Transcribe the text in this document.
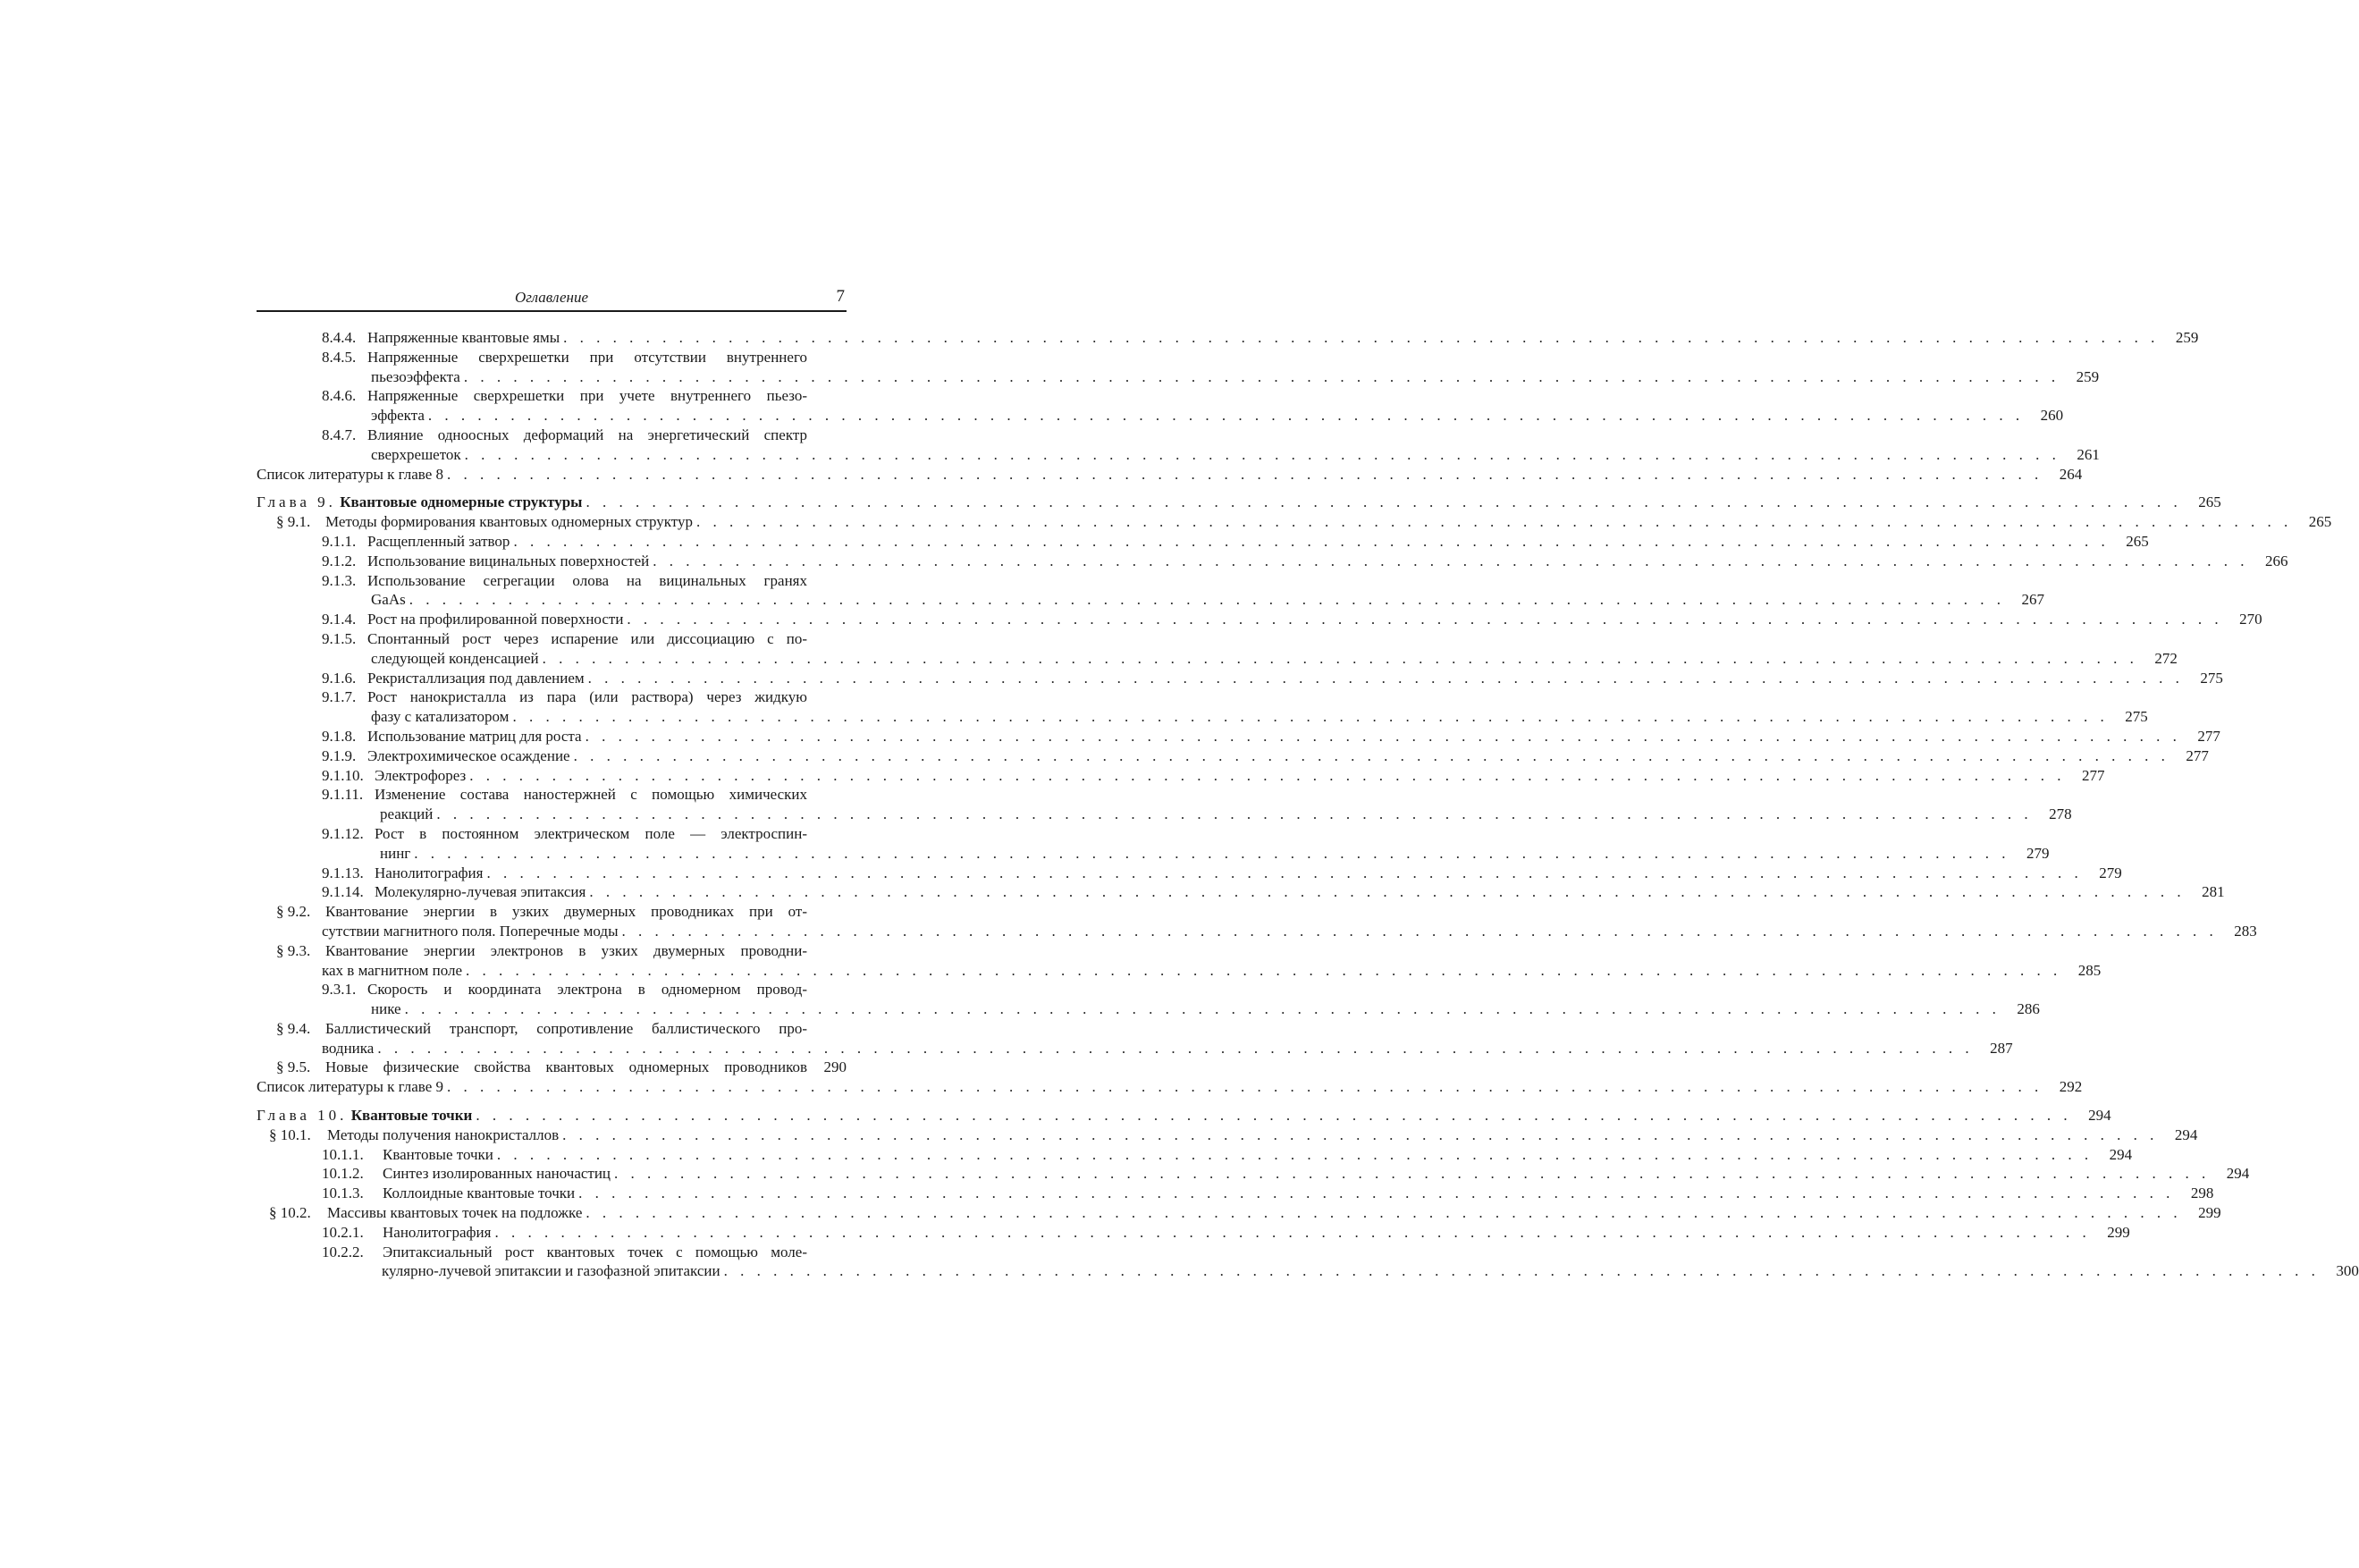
Оглавление	7
8.4.4. Напряженные квантовые ямы . . .	259
8.4.5. Напряженные сверхрешетки при отсутствии внутреннего
пьезоэффекта . . .	259
8.4.6. Напряженные сверхрешетки при учете внутреннего пьезо-
эффекта . . .	260
8.4.7. Влияние одноосных деформаций на энергетический спектр
сверхрешеток . . .	261
Список литературы к главе 8 . . .	264
Глава 9. Квантовые одномерные структуры . . .	265
§ 9.1. Методы формирования квантовых одномерных структур . . .	265
9.1.1. Расщепленный затвор . . .	265
9.1.2. Использование вицинальных поверхностей . . .	266
9.1.3. Использование сегрегации олова на вицинальных гранях
GaAs . . .	267
9.1.4. Рост на профилированной поверхности . . .	270
9.1.5. Спонтанный рост через испарение или диссоциацию с по-
следующей конденсацией . . .	272
9.1.6. Рекристаллизация под давлением . . .	275
9.1.7. Рост нанокристалла из пара (или раствора) через жидкую
фазу с катализатором . . .	275
9.1.8. Использование матриц для роста . . .	277
9.1.9. Электрохимическое осаждение . . .	277
9.1.10. Электрофорез . . .	277
9.1.11. Изменение состава наностержней с помощью химических
реакций . . .	278
9.1.12. Рост в постоянном электрическом поле — электроспин-
нинг . . .	279
9.1.13. Нанолитография . . .	279
9.1.14. Молекулярно-лучевая эпитаксия . . .	281
§ 9.2. Квантование энергии в узких двумерных проводниках при от-
сутствии магнитного поля. Поперечные моды . . .	283
§ 9.3. Квантование энергии электронов в узких двумерных проводни-
ках в магнитном поле . . .	285
9.3.1. Скорость и координата электрона в одномерном провод-
нике . . .	286
§ 9.4. Баллистический транспорт, сопротивление баллистического про-
водника . . .	287
§ 9.5. Новые физические свойства квантовых одномерных проводников	290
Список литературы к главе 9 . . .	292
Глава 10. Квантовые точки . . .	294
§ 10.1.	Методы получения нанокристаллов . . .	294
10.1.1.	Квантовые точки . . .	294
10.1.2.	Синтез изолированных наночастиц . . .	294
10.1.3.	Коллоидные квантовые точки . . .	298
§ 10.2.	Массивы квантовых точек на подложке . . .	299
10.2.1.	Нанолитография . . .	299
10.2.2.	Эпитаксиальный рост квантовых точек с помощью моле-
кулярно-лучевой эпитаксии и газофазной эпитаксии . . .	300
